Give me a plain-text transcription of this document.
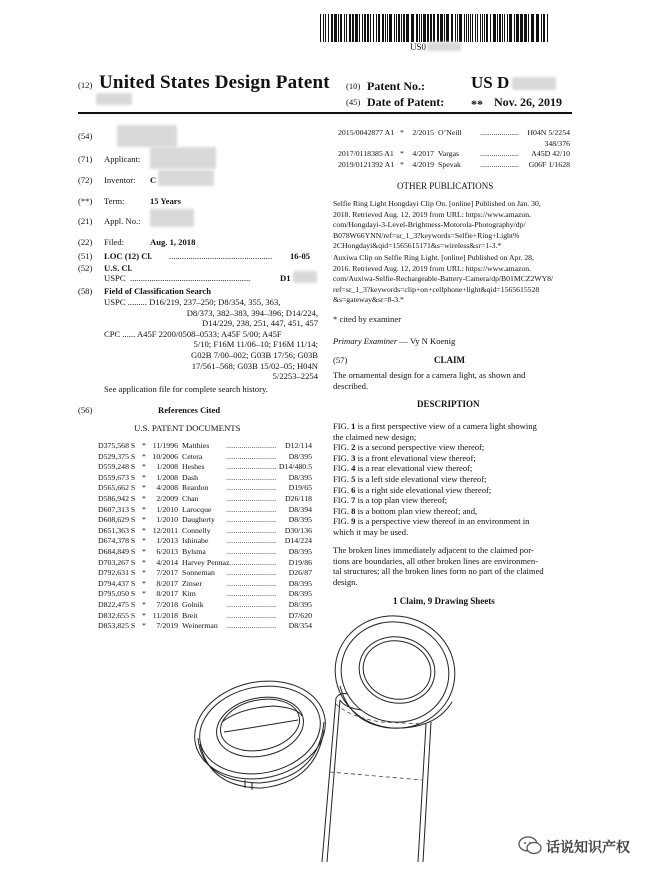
US0
(12) United States Design Patent (10) Patent No.:	US D
(45) Date of Patent: ** Nov. 26, 2019
(54)
(71) Applicant:
(72) Inventor: C
(**) Term:	15 Years
(21) Appl. No.:
(22) Filed:	Aug. 1, 2018
(51) LOC (12) Cl. ................................................ 16-05
(52) U.S. Cl.
USPC ........................................................	D1
(58) Field of Classification Search
USPC ......... D16/219, 237–250; D8/354, 355, 363,
D8/373, 382–383, 394–396; D14/224,
D14/229, 238, 251, 447, 451, 457
CPC ...... A45F 2200/0508–0533; A45F 5/00; A45F
5/10; F16M 11/06–10; F16M 11/14;
G02B 7/00–002; G03B 17/56; G03B
17/561–568; G03B 15/02–05; H04N
5/2253–2254
See application file for complete search history.
(56)	References Cited
U.S. PATENT DOCUMENTS
D375,568 S * 11/1996 Matthies	D12/114
..........................
D529,375 S * 10/2006 Cetera	D8/395
..........................
D559,248 S *	1/2008 Heshes	D14/480.5
..........................
D559,673 S *	1/2008 Dash	D8/395
..........................
D565,662 S *	4/2008 Reardon	D19/65
..........................
D586,942 S *	2/2009 Chan	D26/118
..........................
D607,313 S *	1/2010 Larocque	D8/394
..........................
D608,629 S *	1/2010 Daugherty	D8/395
..........................
D651,363 S * 12/2011 Connelly	D30/136
..........................
D674,378 S *	1/2013 Ishinabe	D14/224
..........................
D684,849 S *	6/2013 Bylsma	D8/395
..........................
D703,267 S *	4/2014 Harvey Pennaz	D19/86
..........................
D792,631 S *	7/2017 Sonneman	D26/87
..........................
D794,437 S *	8/2017 Zinser	D8/395
..........................
D795,050 S *	8/2017 Kim	D8/395
..........................
D822,475 S *	7/2018 Golnik	D8/395
..........................
D832,655 S * 11/2018 Breit	D7/620
..........................
D853,825 S *	7/2019 Weinerman	D8/354
..........................
2015/0042877 A1 *	2/2015 O’Neill	H04N 5/2254
....................
348/376
2017/0118385 A1 *	4/2017 Vargas	A45D 42/10
....................
2019/0121392 A1 *	4/2019 Spevak	G06F 1/1628
....................
OTHER PUBLICATIONS
Selfie Ring Light Hongdayi Clip On. [online] Published on Jan. 30,
2018. Retrieved Aug. 12, 2019 from URL: https://www.amazon.
com/Hongdayi-3-Level-Brightness-Motorola-Photography/dp/
B078W66YNN/ref=sr_1_3?keywords=Selfie+Ring+Light%
2CHongdayi&qid=1565615171&s=wireless&sr=1-3.*
Auxiwa Clip on Selfie Ring Light. [online] Published on Apr. 28,
2016. Retrieved Aug. 12, 2019 from URL: https://www.amazon.
com/Auxiwa-Selfie-Rechargeable-Battery-Camera/dp/B01MCZ2WY8/
ref=sr_1_3?keywords=clip+on+cellphone+light&qid=1565615528
&s=gateway&sr=8-3.*
* cited by examiner
Primary Examiner — Vy N Koenig
(57)	CLAIM
The ornamental design for a camera light, as shown and
described.
DESCRIPTION
FIG. 1 is a first perspective view of a camera light showing
the claimed new design;
FIG. 2 is a second perspective view thereof;
FIG. 3 is a front elevational view thereof;
FIG. 4 is a rear elevational view thereof;
FIG. 5 is a left side elevational view thereof;
FIG. 6 is a right side elevational view thereof;
FIG. 7 is a top plan view thereof;
FIG. 8 is a bottom plan view thereof; and,
FIG. 9 is a perspective view thereof in an environment in
which it may be used.
The broken lines immediately adjacent to the claimed por-
tions are boundaries, all other broken lines are environmen-
tal structures; all the broken lines form no part of the claimed
design.
1 Claim, 9 Drawing Sheets
话说知识产权
